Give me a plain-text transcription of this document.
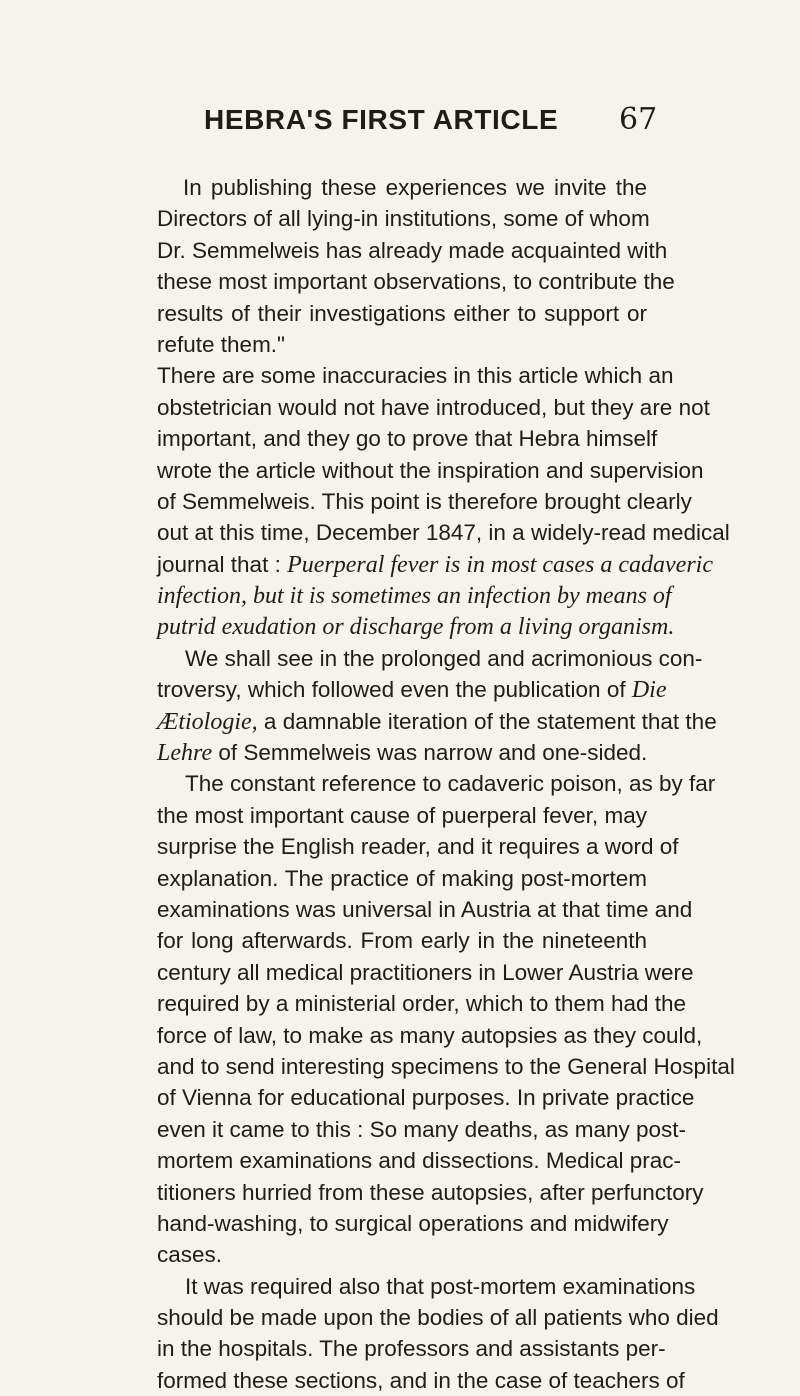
HEBRA'S FIRST ARTICLE 67
In publishing these experiences we invite the
Directors of all lying-in institutions, some of whom
Dr. Semmelweis has already made acquainted with
these most important observations, to contribute the
results of their investigations either to support or
refute them."
There are some inaccuracies in this article which an
obstetrician would not have introduced, but they are not
important, and they go to prove that Hebra himself
wrote the article without the inspiration and supervision
of Semmelweis. This point is therefore brought clearly
out at this time, December 1847, in a widely-read medical
journal that : Puerperal fever is in most cases a cadaveric
infection, but it is sometimes an infection by means of
putrid exudation or discharge from a living organism.
We shall see in the prolonged and acrimonious con-
troversy, which followed even the publication of Die
Ætiologie, a damnable iteration of the statement that the
Lehre of Semmelweis was narrow and one-sided.
The constant reference to cadaveric poison, as by far
the most important cause of puerperal fever, may
surprise the English reader, and it requires a word of
explanation. The practice of making post-mortem
examinations was universal in Austria at that time and
for long afterwards. From early in the nineteenth
century all medical practitioners in Lower Austria were
required by a ministerial order, which to them had the
force of law, to make as many autopsies as they could,
and to send interesting specimens to the General Hospital
of Vienna for educational purposes. In private practice
even it came to this : So many deaths, as many post-
mortem examinations and dissections. Medical prac-
titioners hurried from these autopsies, after perfunctory
hand-washing, to surgical operations and midwifery
cases.
It was required also that post-mortem examinations
should be made upon the bodies of all patients who died
in the hospitals. The professors and assistants per-
formed these sections, and in the case of teachers of
